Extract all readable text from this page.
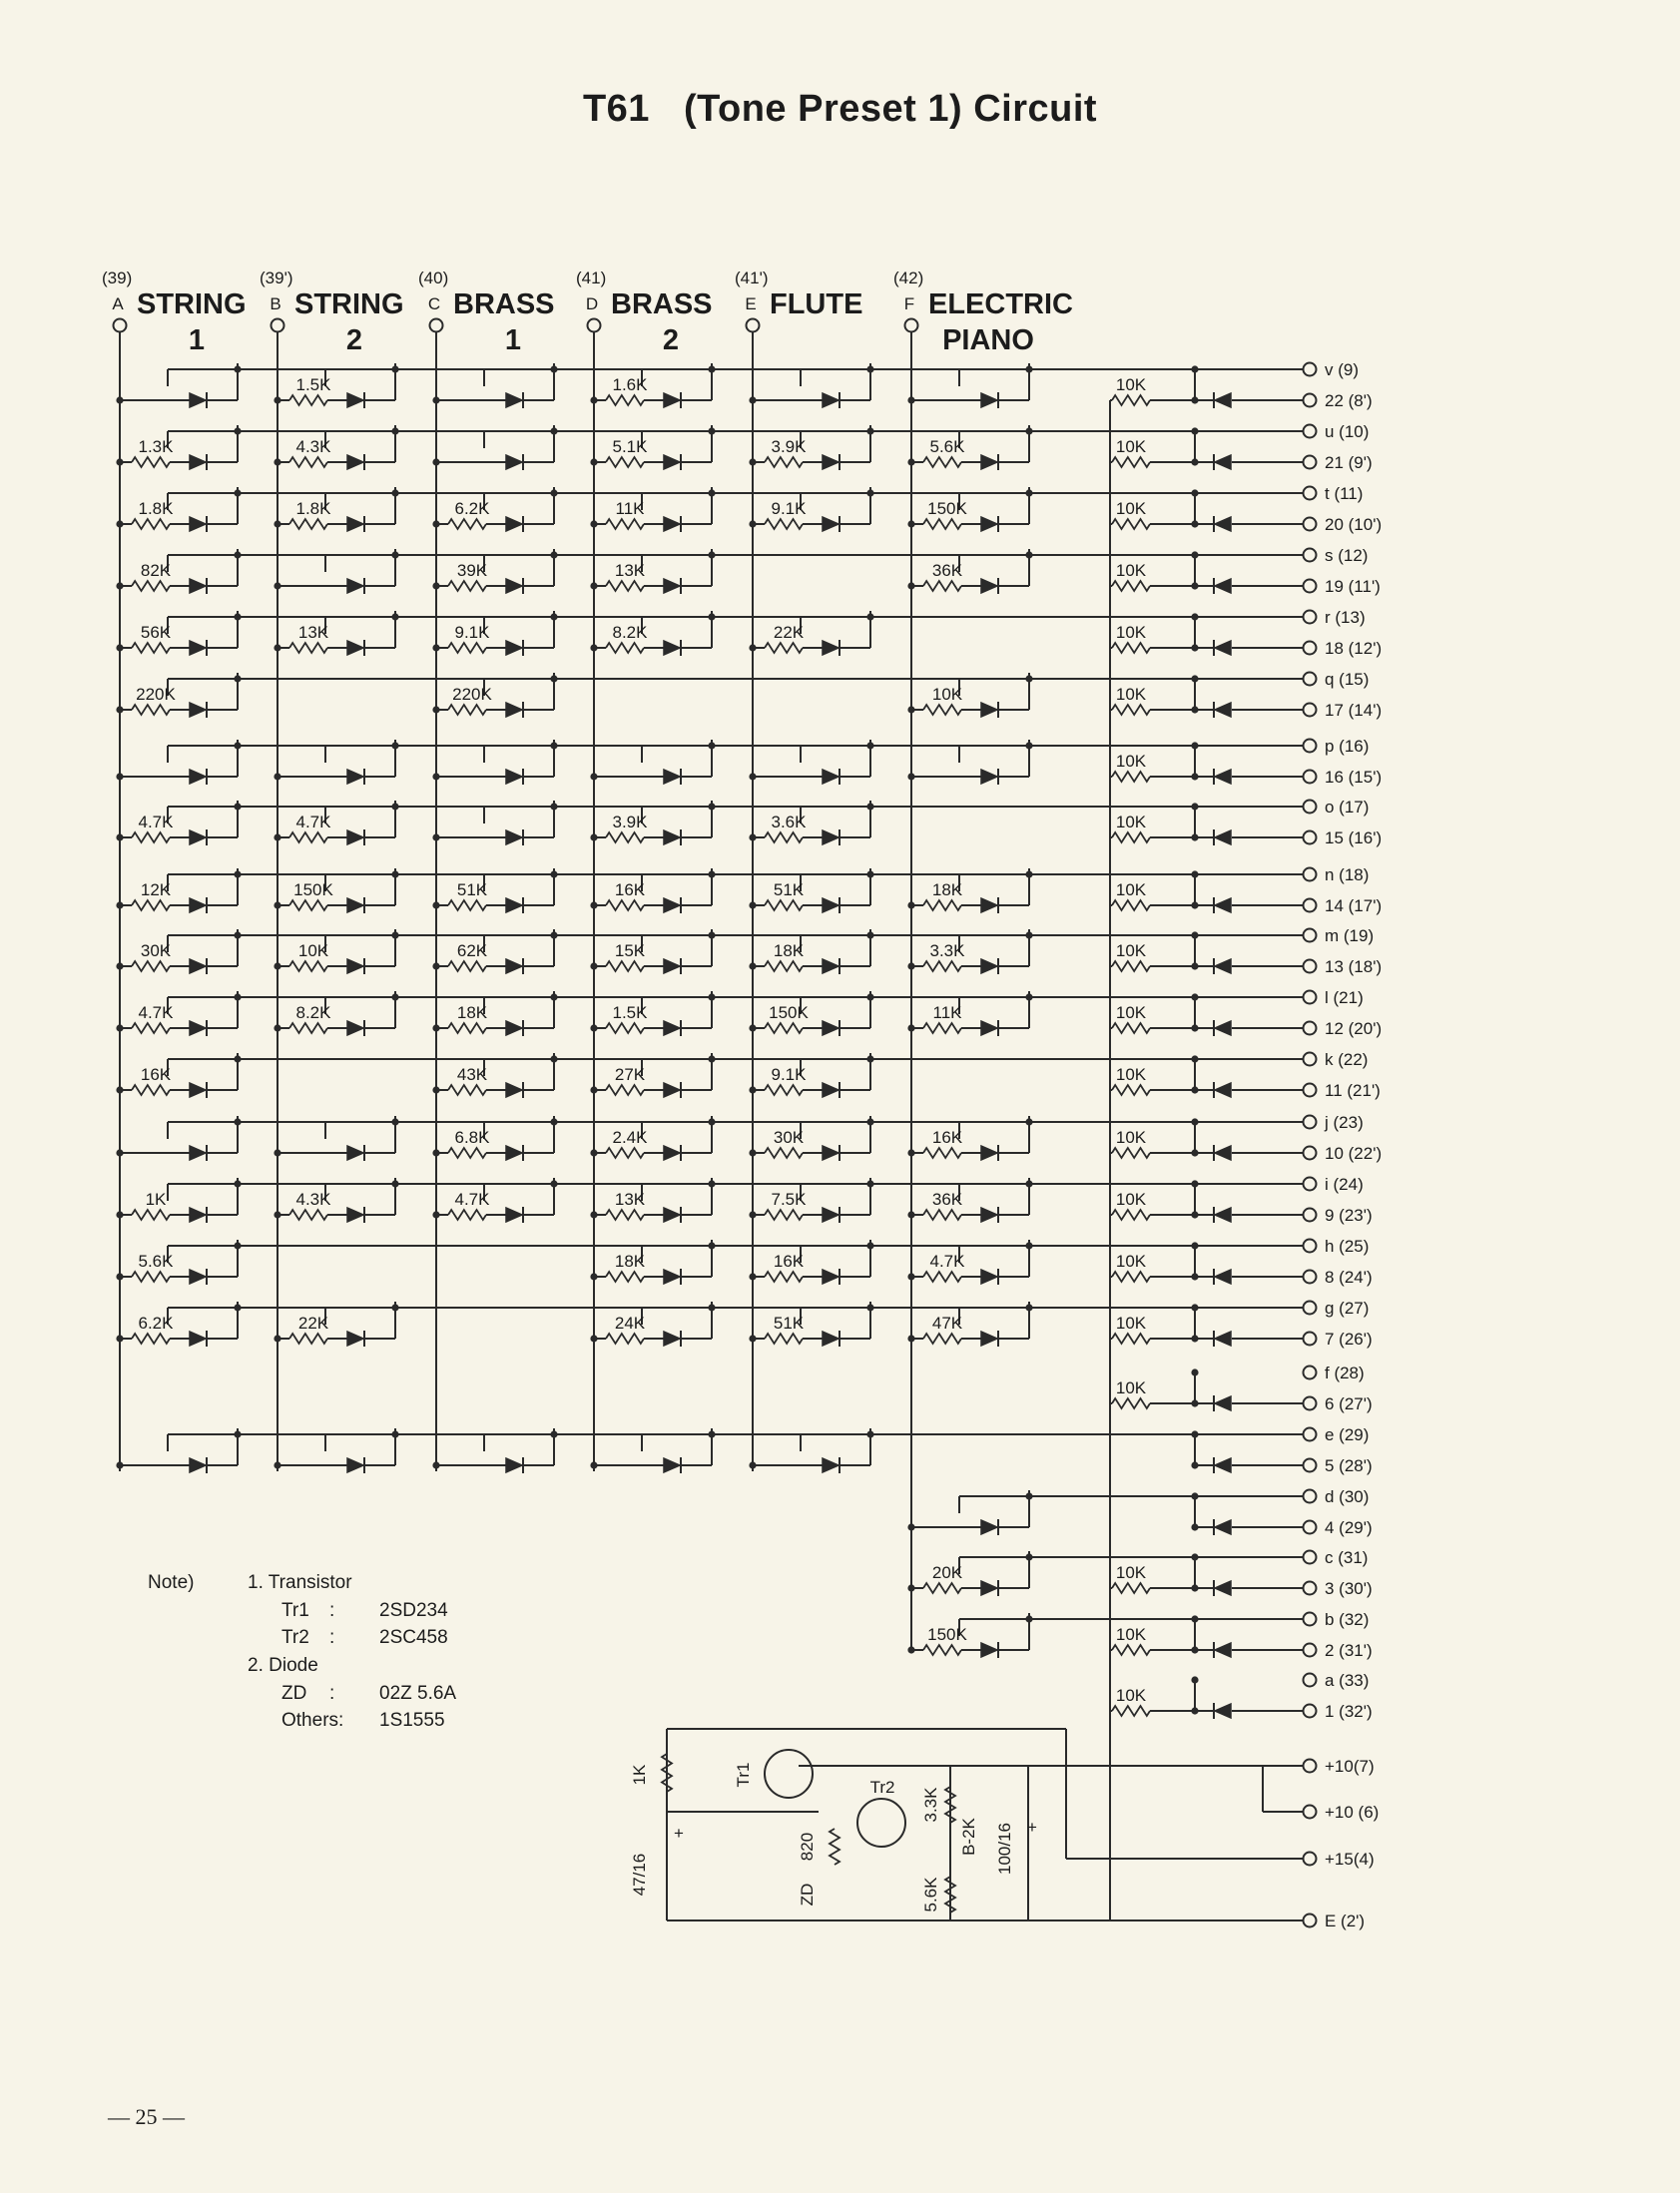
T61 (Tone Preset 1) Circuit
(39)
A STRING
1
(39')
B STRING
2
(40)
C BRASS
1
(41)
D BRASS
2
(41')
E FLUTE
(42)
F ELECTRIC
PIANO
v (9)
22 (8')
1.5K	1.6K	10K
u (10)
21 (9')
1.3K	4.3K	5.1K	3.9K	5.6K	10K
t (11)
20 (10')
1.8K	1.8K	6.2K	11K	9.1K	150K	10K
s (12)
19 (11')
82K	39K	13K	36K	10K
r (13)
18 (12')
56K	13K	9.1K	8.2K	22K	10K
q (15)
17 (14')
220K	220K	10K	10K
p (16)
16 (15')
10K
o (17)
15 (16')
4.7K	4.7K	3.9K	3.6K	10K
n (18)
14 (17')
12K	150K	51K	16K	51K	18K	10K
m (19)
13 (18')
30K	10K	62K	15K	18K	3.3K	10K
l (21)
12 (20')
4.7K	8.2K	18K	1.5K	150K	11K	10K
k (22)
11 (21')
16K	43K	27K	9.1K	10K
j (23)
10 (22')
6.8K	2.4K	30K	16K	10K
i (24)
9 (23')
1K	4.3K	4.7K	13K	7.5K	36K	10K
h (25)
8 (24')
5.6K	18K	16K	4.7K	10K
g (27)
7 (26')
6.2K	22K	24K	51K	47K	10K
f (28)
6 (27')
10K
e (29)
5 (28')
d (30)
4 (29')
c (31)
3 (30')
20K	10K
b (32)
2 (31')
150K	10K
a (33)
1 (32')
10K
1K
47/16
Tr1
Tr2
820
ZD
3.3K
B-2K
5.6K
100/16 +
+
+10(7)
+10 (6)
+15(4)
E (2')
Note)	1. Transistor
Tr1 : 2SD234
Tr2 : 2SC458
2. Diode
ZD : 02Z 5.6A
Others: 1S1555
— 25 —
